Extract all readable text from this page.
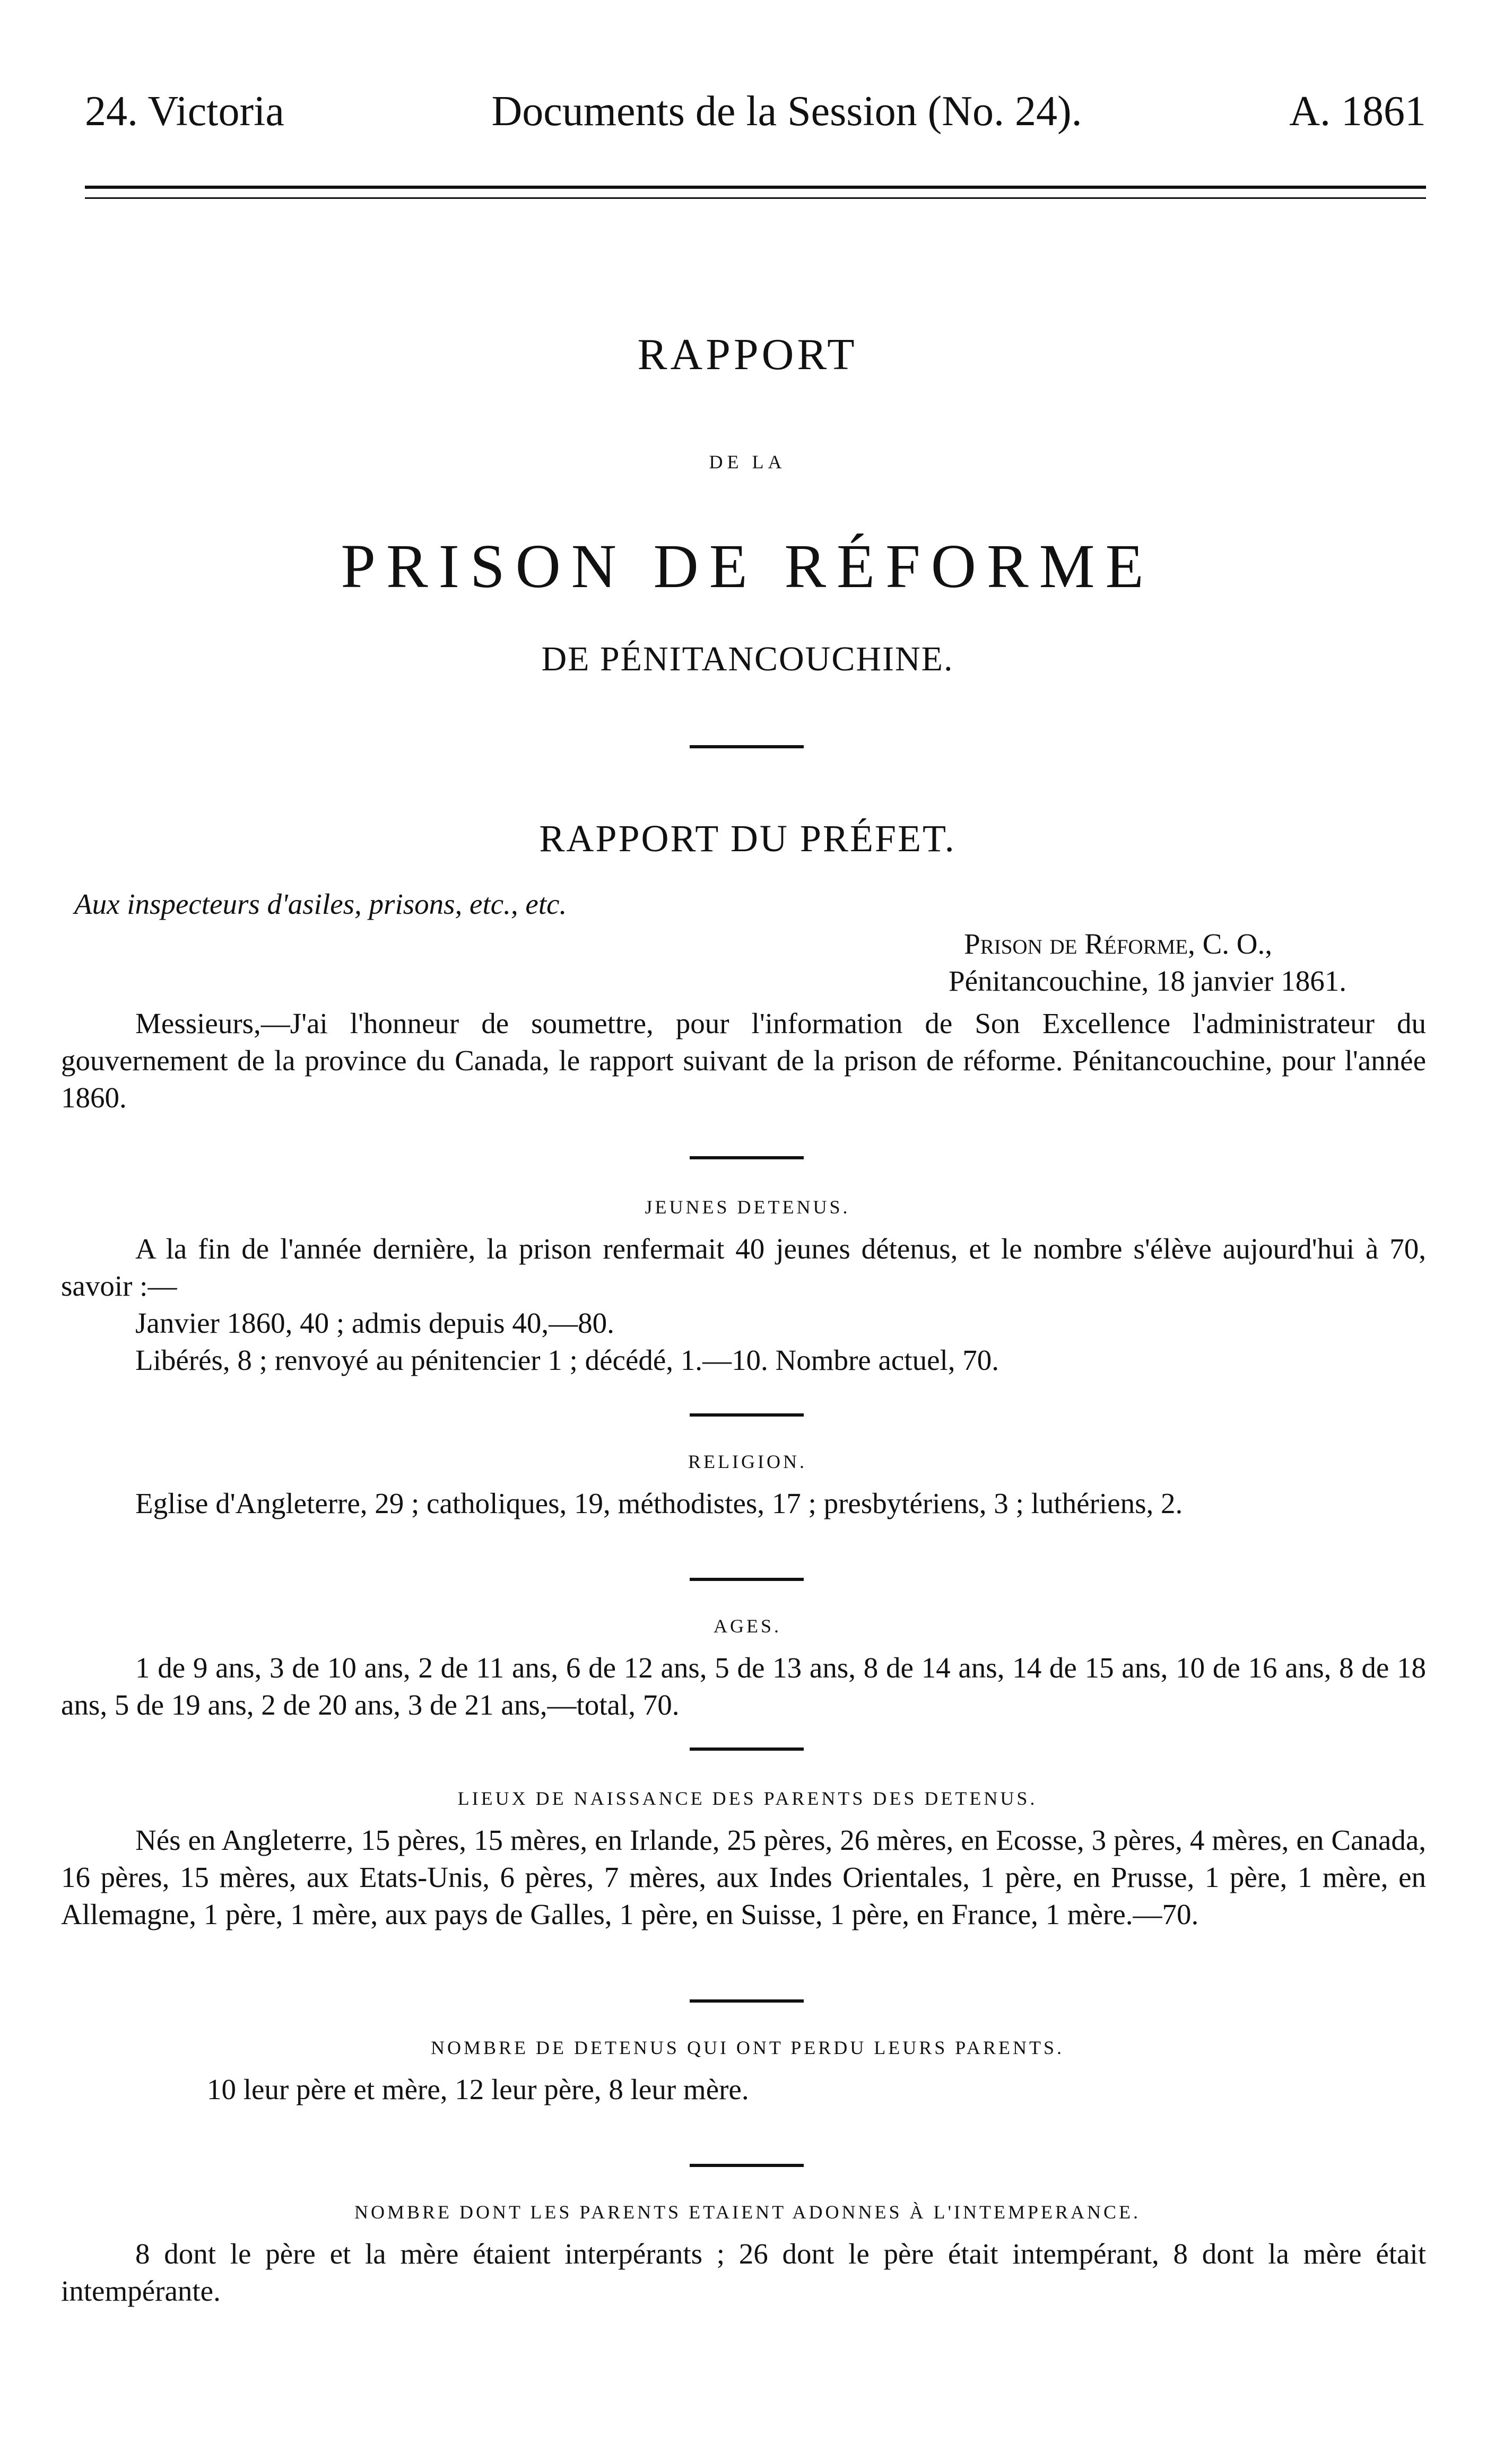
24. Victoria	Documents de la Session (No. 24).	A. 1861
RAPPORT
DE LA
PRISON DE RÉFORME
DE PÉNITANCOUCHINE.
RAPPORT DU PRÉFET.
Aux inspecteurs d'asiles, prisons, etc., etc.
Prison de Réforme, C. O.,
Pénitancouchine, 18 janvier 1861.
Messieurs,—J'ai l'honneur de soumettre, pour l'information de Son Excellence l'administrateur du gouvernement de la province du Canada, le rapport suivant de la prison de réforme. Pénitancouchine, pour l'année 1860.
JEUNES DETENUS.
A la fin de l'année dernière, la prison renfermait 40 jeunes détenus, et le nombre s'élève aujourd'hui à 70, savoir :—
Janvier 1860, 40 ; admis depuis 40,—80.
Libérés, 8 ; renvoyé au pénitencier 1 ; décédé, 1.—10. Nombre actuel, 70.
RELIGION.
Eglise d'Angleterre, 29 ; catholiques, 19, méthodistes, 17 ; presbytériens, 3 ; luthériens, 2.
AGES.
1 de 9 ans, 3 de 10 ans, 2 de 11 ans, 6 de 12 ans, 5 de 13 ans, 8 de 14 ans, 14 de 15 ans, 10 de 16 ans, 8 de 18 ans, 5 de 19 ans, 2 de 20 ans, 3 de 21 ans,—total, 70.
LIEUX DE NAISSANCE DES PARENTS DES DETENUS.
Nés en Angleterre, 15 pères, 15 mères, en Irlande, 25 pères, 26 mères, en Ecosse, 3 pères, 4 mères, en Canada, 16 pères, 15 mères, aux Etats-Unis, 6 pères, 7 mères, aux Indes Orientales, 1 père, en Prusse, 1 père, 1 mère, en Allemagne, 1 père, 1 mère, aux pays de Galles, 1 père, en Suisse, 1 père, en France, 1 mère.—70.
NOMBRE DE DETENUS QUI ONT PERDU LEURS PARENTS.
10 leur père et mère, 12 leur père, 8 leur mère.
NOMBRE DONT LES PARENTS ETAIENT ADONNES À L'INTEMPERANCE.
8 dont le père et la mère étaient interpérants ; 26 dont le père était intempérant, 8 dont la mère était intempérante.
